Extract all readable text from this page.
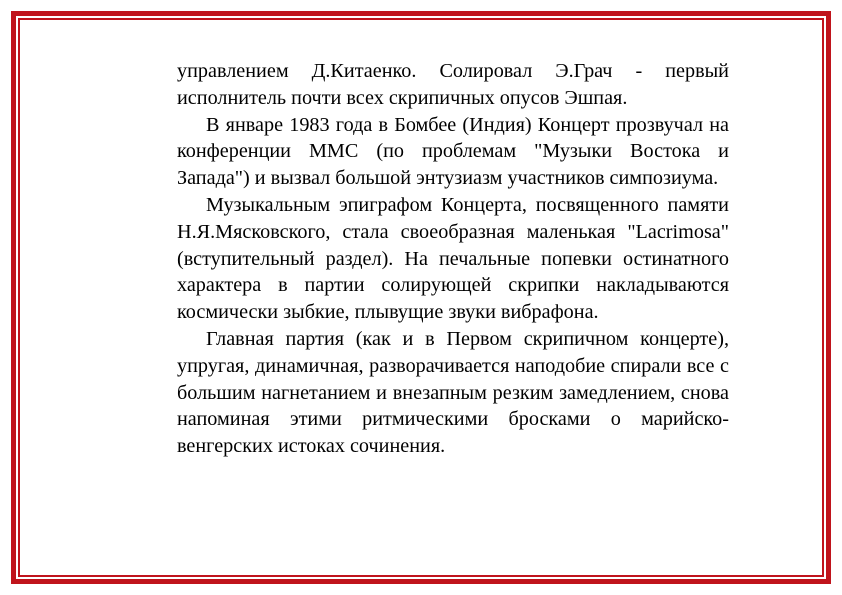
управлением Д.Китаенко. Солировал Э.Грач - первый исполнитель почти всех скрипичных опусов Эшпая.

В январе 1983 года в Бомбее (Индия) Концерт прозвучал на конференции ММС (по проблемам "Музыки Востока и Запада") и вызвал большой энтузиазм участников симпозиума.

Музыкальным эпиграфом Концерта, посвященного памяти Н.Я.Мясковского, стала своеобразная маленькая "Lacrimosa" (вступительный раздел). На печальные попевки остинатного характера в партии солирующей скрипки накладываются космически зыбкие, плывущие звуки вибрафона.

Главная партия (как и в Первом скрипичном концерте), упругая, динамичная, разворачивается наподобие спирали все с большим нагнетанием и внезапным резким замедлением, снова напоминая этими ритмическими бросками о марийско-венгерских истоках сочинения.
